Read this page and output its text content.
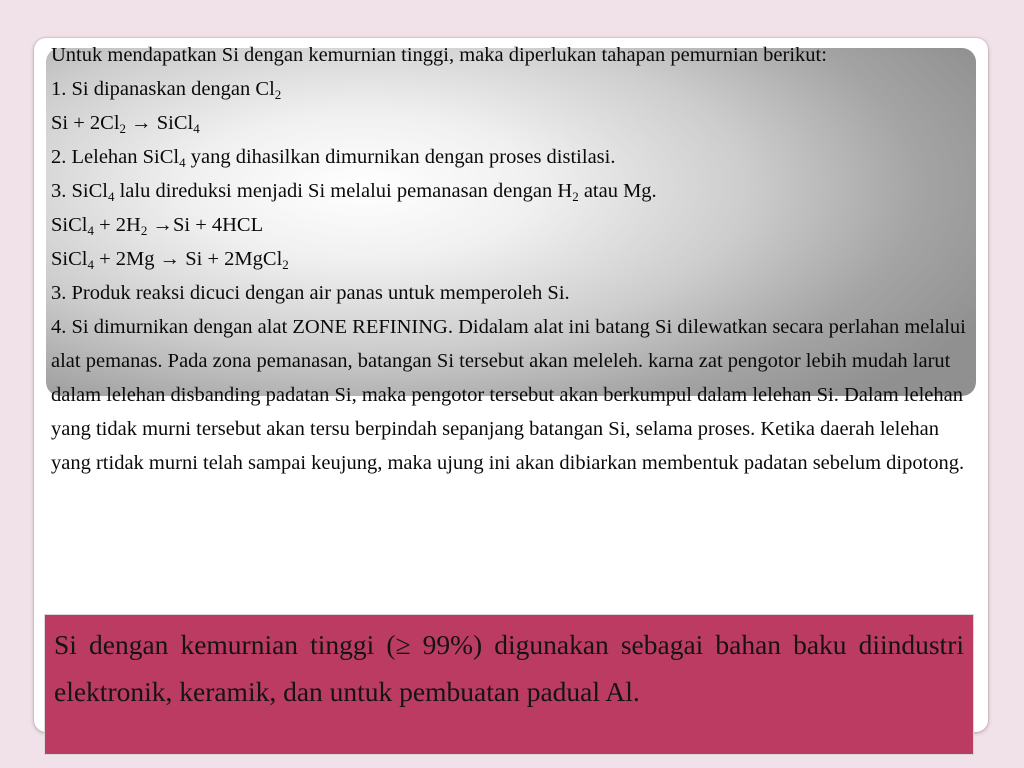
Untuk mendapatkan Si dengan kemurnian tinggi, maka diperlukan tahapan pemurnian berikut:

1. Si dipanaskan dengan $Cl_2$

$Si + 2Cl_2$ → SiCl$_4$

2. Lelehan SiCl$_4$ yang dihasilkan dimurnikan dengan proses distilasi.

3. SiCl$_4$ lalu direduksi menjadi Si melalui pemanasan dengan $H_2$ atau Mg.

SiCl$_4$ + $2H_2 \to Si + 4HCL$

SiCl$_4$ + 2Mg → Si + 2MgCl$_2$

3. Produk reaksi dicuci dengan air panas untuk memperoleh Si.

4. Si dimurnikan dengan alat ZONE REFINING. Didalam alat ini batang Si dilewatkan secara perlahan melalui alat pemanas. Pada zona pemanasan, batangan Si tersebut akan meleleh. karna zat pengotor lebih mudah larut dalam lelehan disbanding padatan Si, maka pengotor tersebut akan berkumpul dalam lelehan Si. Dalam lelehan yang tidak murni tersebut akan tersu berpindah sepanjang batangan Si, selama proses. Ketika daerah lelehan yang rtidak murni telah sampai keujung, maka ujung ini akan dibiarkan membentuk padatan sebelum dipotong.

Si dengan kemurnian tinggi (≥ 99%) digunakan sebagai bahan baku diindustri elektronik, keramik, dan untuk pembuatan padual Al.
